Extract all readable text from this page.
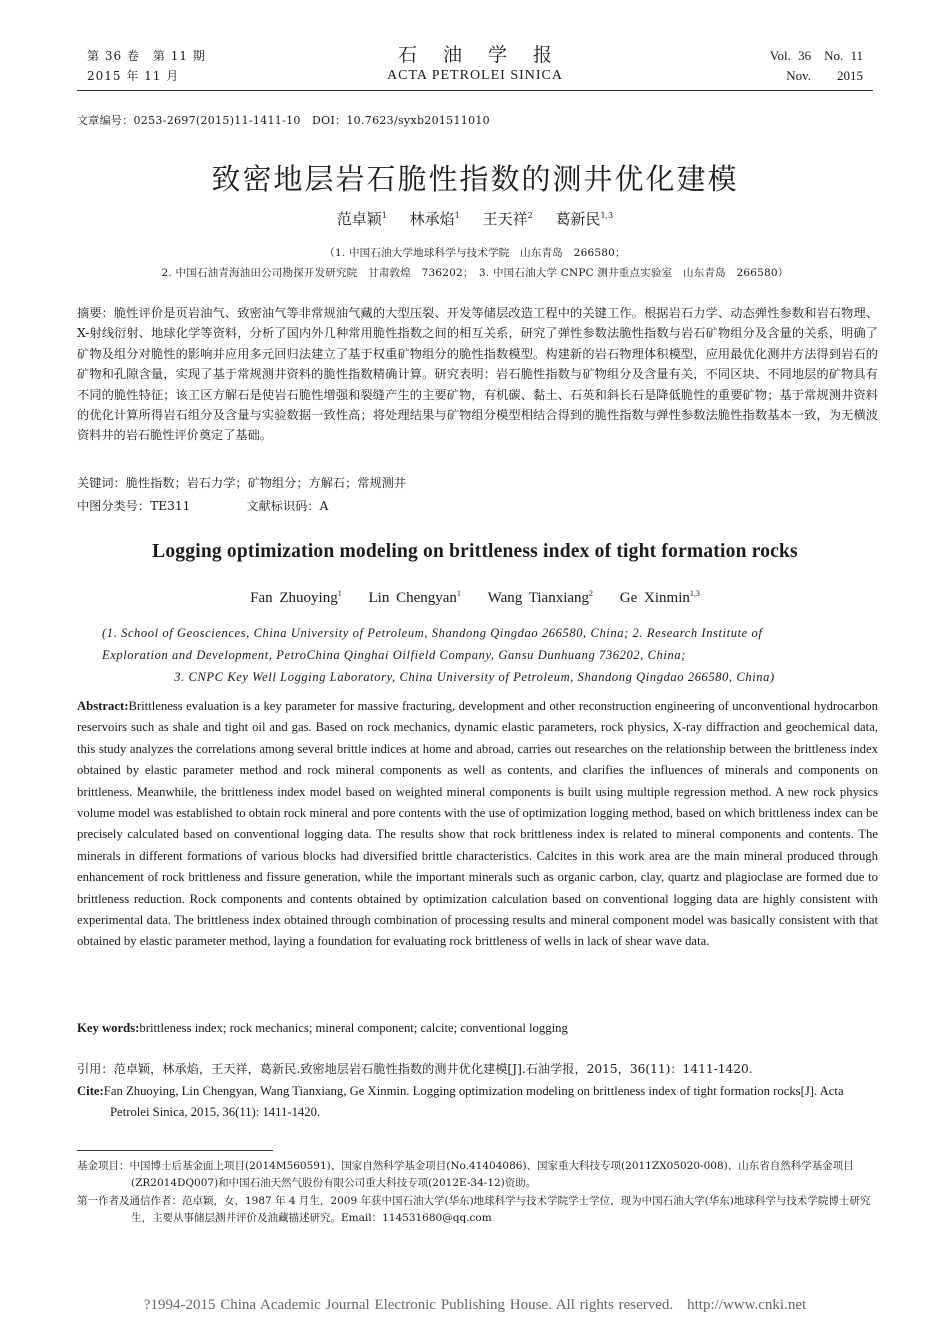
第 36 卷　第 11 期
2015 年 11 月
石油学报
ACTA PETROLEI SINICA
Vol. 36　No. 11
Nov.　　2015
文章编号：0253-2697(2015)11-1411-10　DOI：10.7623/syxb201511010
致密地层岩石脆性指数的测井优化建模
范卓颖$^1$ 林承焰$^1$ 王天祥$^2$ 葛新民$^{1,3}$
（1. 中国石油大学地球科学与技术学院　山东青岛　266580；
2. 中国石油青海油田公司勘探开发研究院　甘肃敦煌　736202；　3. 中国石油大学 CNPC 测井重点实验室　山东青岛　266580）
摘要：脆性评价是页岩油气、致密油气等非常规油气藏的大型压裂、开发等储层改造工程中的关键工作。根据岩石力学、动态弹性参数和岩石物理、X-射线衍射、地球化学等资料，分析了国内外几种常用脆性指数之间的相互关系，研究了弹性参数法脆性指数与岩石矿物组分及含量的关系，明确了矿物及组分对脆性的影响并应用多元回归法建立了基于权重矿物组分的脆性指数模型。构建新的岩石物理体积模型，应用最优化测井方法得到岩石的矿物和孔隙含量，实现了基于常规测井资料的脆性指数精确计算。研究表明：岩石脆性指数与矿物组分及含量有关，不同区块、不同地层的矿物具有不同的脆性特征；该工区方解石是使岩石脆性增强和裂缝产生的主要矿物，有机碳、黏土、石英和斜长石是降低脆性的重要矿物；基于常规测井资料的优化计算所得岩石组分及含量与实验数据一致性高；将处理结果与矿物组分模型相结合得到的脆性指数与弹性参数法脆性指数基本一致，为无横波资料井的岩石脆性评价奠定了基础。
关键词：脆性指数；岩石力学；矿物组分；方解石；常规测井
中图分类号：TE311	文献标识码：A
Logging optimization modeling on brittleness index of tight formation rocks
Fan Zhuoying$^1$ Lin Chengyan$^1$ Wang Tianxiang$^2$ Ge Xinmin$^{1,3}$
(1. School of Geosciences, China University of Petroleum, Shandong Qingdao 266580, China; 2. Research Institute of
Exploration and Development, PetroChina Qinghai Oilfield Company, Gansu Dunhuang 736202, China;
3. CNPC Key Well Logging Laboratory, China University of Petroleum, Shandong Qingdao 266580, China)
Abstract:Brittleness evaluation is a key parameter for massive fracturing, development and other reconstruction engineering of unconventional hydrocarbon reservoirs such as shale and tight oil and gas. Based on rock mechanics, dynamic elastic parameters, rock physics, X-ray diffraction and geochemical data, this study analyzes the correlations among several brittle indices at home and abroad, carries out researches on the relationship between the brittleness index obtained by elastic parameter method and rock mineral components as well as contents, and clarifies the influences of minerals and components on brittleness. Meanwhile, the brittleness index model based on weighted mineral components is built using multiple regression method. A new rock physics volume model was established to obtain rock mineral and pore contents with the use of optimization logging method, based on which brittleness index can be precisely calculated based on conventional logging data. The results show that rock brittleness index is related to mineral components and contents. The minerals in different formations of various blocks had diversified brittle characteristics. Calcites in this work area are the main mineral produced through enhancement of rock brittleness and fissure generation, while the important minerals such as organic carbon, clay, quartz and plagioclase are formed due to brittleness reduction. Rock components and contents obtained by optimization calculation based on conventional logging data are highly consistent with experimental data. The brittleness index obtained through combination of processing results and mineral component model was basically consistent with that obtained by elastic parameter method, laying a foundation for evaluating rock brittleness of wells in lack of shear wave data.
Key words:brittleness index; rock mechanics; mineral component; calcite; conventional logging
引用：范卓颖，林承焰，王天祥，葛新民.致密地层岩石脆性指数的测井优化建模[J].石油学报，2015，36(11)：1411-1420.
Cite:Fan Zhuoying, Lin Chengyan, Wang Tianxiang, Ge Xinmin. Logging optimization modeling on brittleness index of tight formation rocks[J]. Acta Petrolei Sinica, 2015, 36(11): 1411-1420.
基金项目：中国博士后基金面上项目(2014M560591)、国家自然科学基金项目(No.41404086)、国家重大科技专项(2011ZX05020-008)、山东省自然科学基金项目(ZR2014DQ007)和中国石油天然气股份有限公司重大科技专项(2012E-34-12)资助。
第一作者及通信作者：范卓颖，女，1987 年 4 月生，2009 年获中国石油大学(华东)地球科学与技术学院学士学位，现为中国石油大学(华东)地球科学与技术学院博士研究生，主要从事储层测井评价及油藏描述研究。Email：114531680@qq.com
?1994-2015 China Academic Journal Electronic Publishing House. All rights reserved. http://www.cnki.net
